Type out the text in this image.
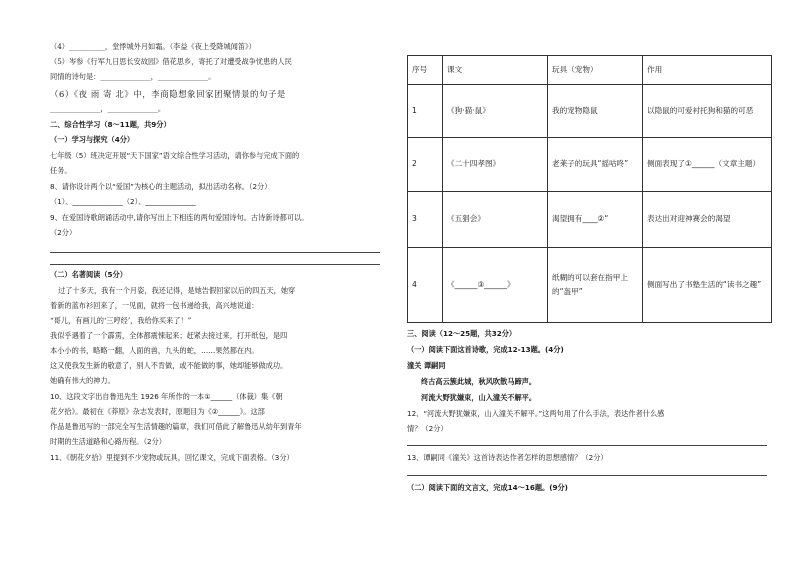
（4）__________，堂悸城外月如霜。（李益《夜上受降城闻笛》）
（5）岑参《行军九日思长安故园》借花思乡，寄托了对遭受战争忧患的人民
同情的诗句是：______________，______________。
（6）《夜 雨 寄 北》中，李商隐想象回家团聚情景的句子是
______________，______________。
二、综合性学习（8～11题，共9分）
（一）学习与探究（4分）
七年级（5）班决定开展“天下国家”语文综合性学习活动，请你参与完成下面的
任务。
8、请你设计两个以“爱国”为核心的主题活动，拟出活动名称。（2分）
（1）、______________（2）、______________
9、在爱国诗歌朗诵活动中,请你写出上下相连的两句爱国诗句。古诗新诗都可以。
（2分）
（二）名著阅读（5分）
过了十多天，我有一个月姿，我还记得，是她告假回家以后的四五天，她穿
着新的蓝布衫回来了，一见面，就将一包书递给我，高兴地说道：
“哥儿，有画儿的‘三哼经’，我给你买来了！”
我似乎遇着了一个霹雳，全体都震悚起来；赶紧去接过来，打开纸包，是四
本小小的书，略略一翻，人面的兽，九头的蛇，……果然都在内。
这又使我发生新的敬意了，别人不肯做，或不能做的事，她却能够做成功。
她确有伟大的神力。
10、这段文字出自鲁迅先生 1926 年所作的一本①______（体裁）集《朝
花夕拾》。最初在《莽原》杂志发表时，原题目为《②______》。这部
作品是鲁迅写的一部完全写生活情趣的篇章，我们可借此了解鲁迅从幼年到青年
时期的生活道路和心路历程。（2分）
11、《朝花夕拾》里提到不少宠物或玩具，回忆课文，完成下面表格。（3分）
序号	课文	玩具（宠物）	作用
1	《狗·猫·鼠》	我的宠物隐鼠	以隐鼠的可爱衬托狗和猫的可恶
2	《二十四孝图》	老莱子的玩具“摇咕咚”	侧面表现了①______（文章主题）
3	《五猖会》	渴望拥有____②“	表达出对迎神赛会的渴望
4	《______③______》	纸糊的可以套在指甲上的“盔甲”	侧面写出了书塾生活的“读书之趣”
三、阅读（12～25题，共32分）
（一）阅读下面这首诗歌，完成12-13题。(4分)
潼关 谭嗣同
终古高云簇此城，秋风吹散马蹄声。
河流大野犹嫌束，山入潼关不解平。
12、“河流大野犹嫌束，山入潼关不解平。”这两句用了什么手法，表达作者什么感
情？（2分）
13、谭嗣同《潼关》这首诗表达作者怎样的思想感情？（2分）
（二）阅读下面的文言文，完成14～16题。(9分)
